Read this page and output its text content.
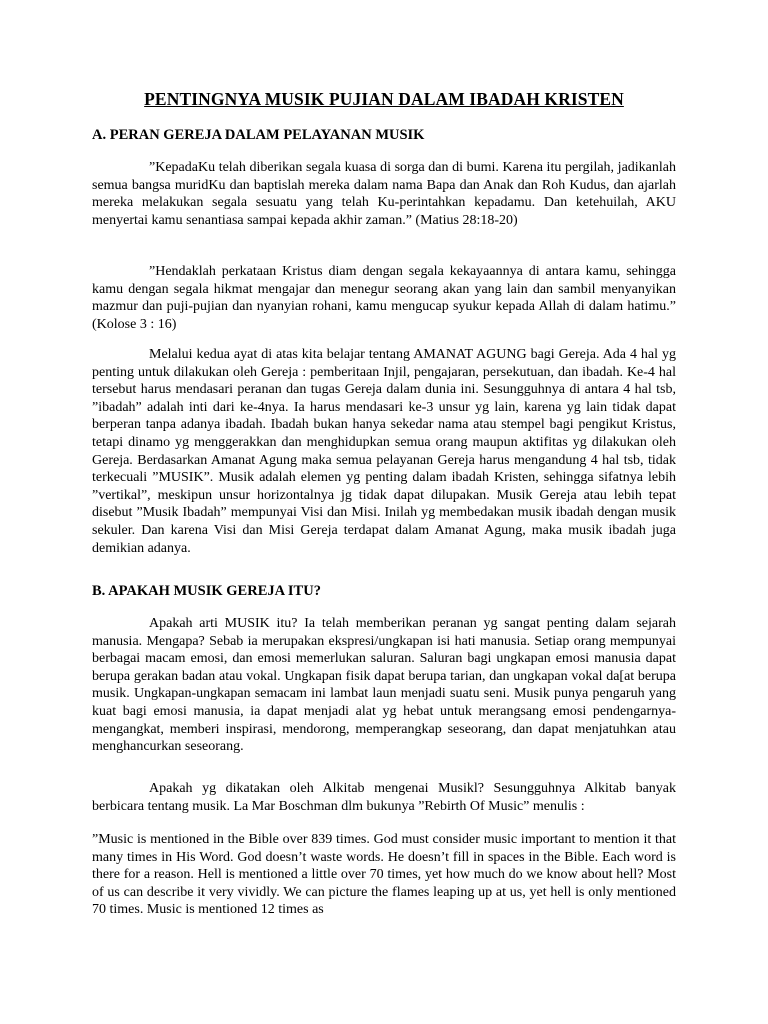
PENTINGNYA MUSIK PUJIAN DALAM IBADAH KRISTEN
A. PERAN GEREJA DALAM PELAYANAN MUSIK

”KepadaKu telah diberikan segala kuasa di sorga dan di bumi. Karena itu pergilah, jadikanlah semua bangsa muridKu dan baptislah mereka dalam nama Bapa dan Anak dan Roh Kudus, dan ajarlah mereka melakukan segala sesuatu yang telah Ku-perintahkan kepadamu. Dan ketehuilah, AKU menyertai kamu senantiasa sampai kepada akhir zaman.” (Matius 28:18-20)

”Hendaklah perkataan Kristus diam dengan segala kekayaannya di antara kamu, sehingga kamu dengan segala hikmat mengajar dan menegur seorang akan yang lain dan sambil menyanyikan mazmur dan puji-pujian dan nyanyian rohani, kamu mengucap syukur kepada Allah di dalam hatimu.” (Kolose 3 : 16)

Melalui kedua ayat di atas kita belajar tentang AMANAT AGUNG bagi Gereja. Ada 4 hal yg penting untuk dilakukan oleh Gereja : pemberitaan Injil, pengajaran, persekutuan, dan ibadah. Ke-4 hal tersebut harus mendasari peranan dan tugas Gereja dalam dunia ini. Sesungguhnya di antara 4 hal tsb, ”ibadah” adalah inti dari ke-4nya. Ia harus mendasari ke-3 unsur yg lain, karena yg lain tidak dapat berperan tanpa adanya ibadah. Ibadah bukan hanya sekedar nama atau stempel bagi pengikut Kristus, tetapi dinamo yg menggerakkan dan menghidupkan semua orang maupun aktifitas yg dilakukan oleh Gereja. Berdasarkan Amanat Agung maka semua pelayanan Gereja harus mengandung 4 hal tsb, tidak terkecuali ”MUSIK”. Musik adalah elemen yg penting dalam ibadah Kristen, sehingga sifatnya lebih ”vertikal”, meskipun unsur horizontalnya jg tidak dapat dilupakan. Musik Gereja atau lebih tepat disebut ”Musik Ibadah” mempunyai Visi dan Misi. Inilah yg membedakan musik ibadah dengan musik sekuler. Dan karena Visi dan Misi Gereja terdapat dalam Amanat Agung, maka musik ibadah juga demikian adanya.

B. APAKAH MUSIK GEREJA ITU?

Apakah arti MUSIK itu? Ia telah memberikan peranan yg sangat penting dalam sejarah manusia. Mengapa? Sebab ia merupakan ekspresi/ungkapan isi hati manusia. Setiap orang mempunyai berbagai macam emosi, dan emosi memerlukan saluran. Saluran bagi ungkapan emosi manusia dapat berupa gerakan badan atau vokal. Ungkapan fisik dapat berupa tarian, dan ungkapan vokal da[at berupa musik. Ungkapan-ungkapan semacam ini lambat laun menjadi suatu seni. Musik punya pengaruh yang kuat bagi emosi manusia, ia dapat menjadi alat yg hebat untuk merangsang emosi pendengarnya-mengangkat, memberi inspirasi, mendorong, memperangkap seseorang, dan dapat menjatuhkan atau menghancurkan seseorang.

Apakah yg dikatakan oleh Alkitab mengenai Musikl? Sesungguhnya Alkitab banyak berbicara tentang musik. La Mar Boschman dlm bukunya ”Rebirth Of Music” menulis :

”Music is mentioned in the Bible over 839 times. God must consider music important to mention it that many times in His Word. God doesn’t waste words. He doesn’t fill in spaces in the Bible. Each word is there for a reason. Hell is mentioned a little over 70 times, yet how much do we know about hell? Most of us can describe it very vividly. We can picture the flames leaping up at us, yet hell is only mentioned 70 times. Music is mentioned 12 times as
